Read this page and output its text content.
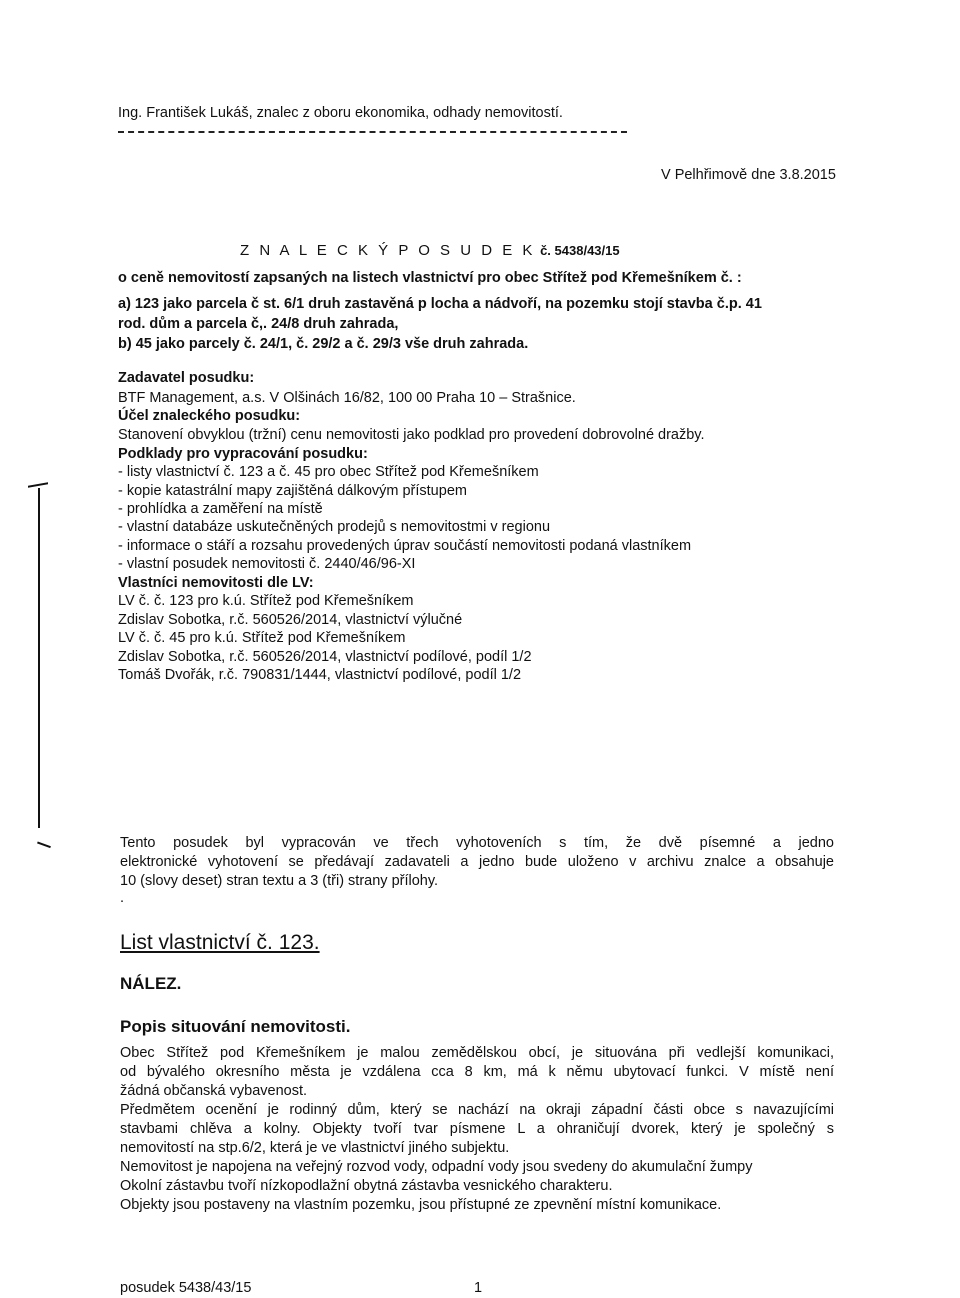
Ing. František Lukáš, znalec z oboru ekonomika, odhady nemovitostí.
V Pelhřimově dne 3.8.2015
Z N A L E C K Ý P O S U D E K č. 5438/43/15
o ceně nemovitostí zapsaných na listech vlastnictví pro obec Střítež pod Křemešníkem č. :
a) 123 jako parcela č st. 6/1 druh zastavěná p locha a nádvoří, na pozemku stojí stavba č.p. 41
rod. dům a parcela č,. 24/8 druh zahrada,
b) 45 jako parcely č. 24/1, č. 29/2 a č. 29/3 vše druh zahrada.
Zadavatel posudku:
BTF Management, a.s. V Olšinách 16/82, 100 00 Praha 10 – Strašnice.
Účel znaleckého posudku:
Stanovení obvyklou (tržní) cenu nemovitosti jako podklad pro provedení dobrovolné dražby.
Podklady pro vypracování posudku:
- listy vlastnictví č. 123 a č. 45 pro obec Střítež pod Křemešníkem
- kopie katastrální mapy zajištěná dálkovým přístupem
- prohlídka a zaměření na místě
- vlastní databáze uskutečněných prodejů s nemovitostmi v regionu
- informace o stáří a rozsahu provedených úprav součástí nemovitosti podaná vlastníkem
- vlastní posudek nemovitosti č. 2440/46/96-XI
Vlastníci nemovitosti dle LV:
LV č. č. 123 pro k.ú. Střítež pod Křemešníkem
Zdislav Sobotka, r.č. 560526/2014, vlastnictví výlučné
LV č. č. 45 pro k.ú. Střítež pod Křemešníkem
Zdislav Sobotka, r.č. 560526/2014, vlastnictví podílové, podíl 1/2
Tomáš Dvořák, r.č. 790831/1444, vlastnictví podílové, podíl 1/2

Tento posudek byl vypracován ve třech vyhotoveních s tím, že dvě písemné a jedno

elektronické vyhotovení se předávají zadavateli a jedno bude uloženo v archivu znalce a obsahuje

10 (slovy deset) stran textu a 3 (tři) strany přílohy.

.
List vlastnictví č. 123.
NÁLEZ.
Popis situování nemovitosti.

Obec Střítež pod Křemešníkem je malou zemědělskou obcí, je situována při vedlejší komunikaci,

od bývalého okresního města je vzdálena cca 8 km, má k němu ubytovací funkci. V místě není

žádná občanská vybavenost.

Předmětem ocenění je rodinný dům, který se nachází na okraji západní části obce s navazujícími

stavbami chlěva a kolny. Objekty tvoří tvar písmene L a ohraničují dvorek, který je společný s

nemovitostí na stp.6/2, která je ve vlastnictví jiného subjektu.

Nemovitost je napojena na veřejný rozvod vody, odpadní vody jsou svedeny do akumulační žumpy
Okolní zástavbu tvoří nízkopodlažní obytná zástavba vesnického charakteru.
Objekty jsou postaveny na vlastním pozemku, jsou přístupné ze zpevnění místní komunikace.
posudek 5438/43/15	1
